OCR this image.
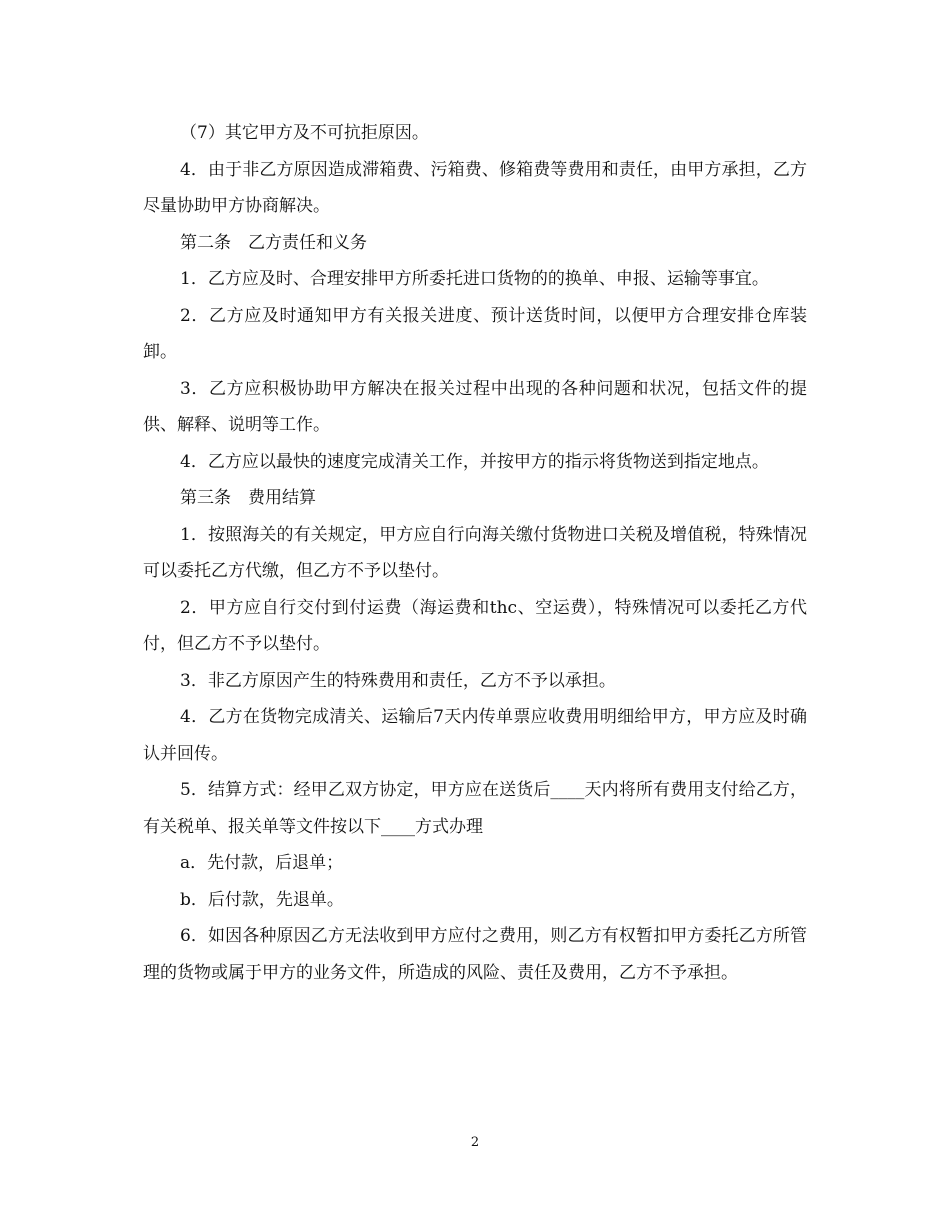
（7）其它甲方及不可抗拒原因。

4．由于非乙方原因造成滞箱费、污箱费、修箱费等费用和责任，由甲方承担，乙方尽量协助甲方协商解决。

第二条　乙方责任和义务

1．乙方应及时、合理安排甲方所委托进口货物的的换单、申报、运输等事宜。

2．乙方应及时通知甲方有关报关进度、预计送货时间，以便甲方合理安排仓库装卸。

3．乙方应积极协助甲方解决在报关过程中出现的各种问题和状况，包括文件的提供、解释、说明等工作。

4．乙方应以最快的速度完成清关工作，并按甲方的指示将货物送到指定地点。

第三条　费用结算

1．按照海关的有关规定，甲方应自行向海关缴付货物进口关税及增值税，特殊情况可以委托乙方代缴，但乙方不予以垫付。

2．甲方应自行交付到付运费（海运费和thc、空运费），特殊情况可以委托乙方代付，但乙方不予以垫付。

3．非乙方原因产生的特殊费用和责任，乙方不予以承担。

4．乙方在货物完成清关、运输后7天内传单票应收费用明细给甲方，甲方应及时确认并回传。

5．结算方式：经甲乙双方协定，甲方应在送货后____天内将所有费用支付给乙方，有关税单、报关单等文件按以下____方式办理

a．先付款，后退单；

b．后付款，先退单。

6．如因各种原因乙方无法收到甲方应付之费用，则乙方有权暂扣甲方委托乙方所管理的货物或属于甲方的业务文件，所造成的风险、责任及费用，乙方不予承担。

2
